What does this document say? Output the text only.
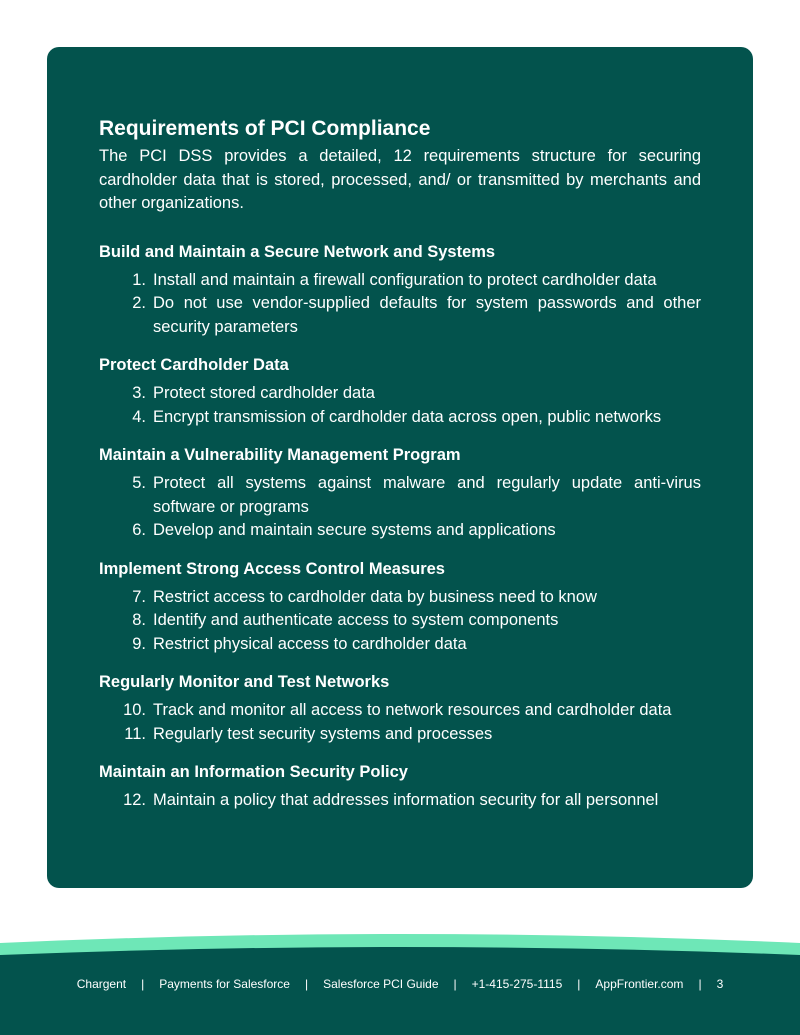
Requirements of PCI Compliance

The PCI DSS provides a detailed, 12 requirements structure for securing cardholder data that is stored, processed, and/ or transmitted by merchants and other organizations.

Build and Maintain a Secure Network and Systems
1. Install and maintain a firewall configuration to protect cardholder data
2. Do not use vendor-supplied defaults for system passwords and other security parameters
Protect Cardholder Data
3. Protect stored cardholder data
4. Encrypt transmission of cardholder data across open, public networks
Maintain a Vulnerability Management Program
5. Protect all systems against malware and regularly update anti-virus software or programs
6. Develop and maintain secure systems and applications
Implement Strong Access Control Measures
7. Restrict access to cardholder data by business need to know
8. Identify and authenticate access to system components
9. Restrict physical access to cardholder data
Regularly Monitor and Test Networks
10. Track and monitor all access to network resources and cardholder data
11. Regularly test security systems and processes
Maintain an Information Security Policy
12. Maintain a policy that addresses information security for all personnel
Chargent	|	Payments for Salesforce	|	Salesforce PCI Guide	|	+1-415-275-1115	|	AppFrontier.com	|	3
